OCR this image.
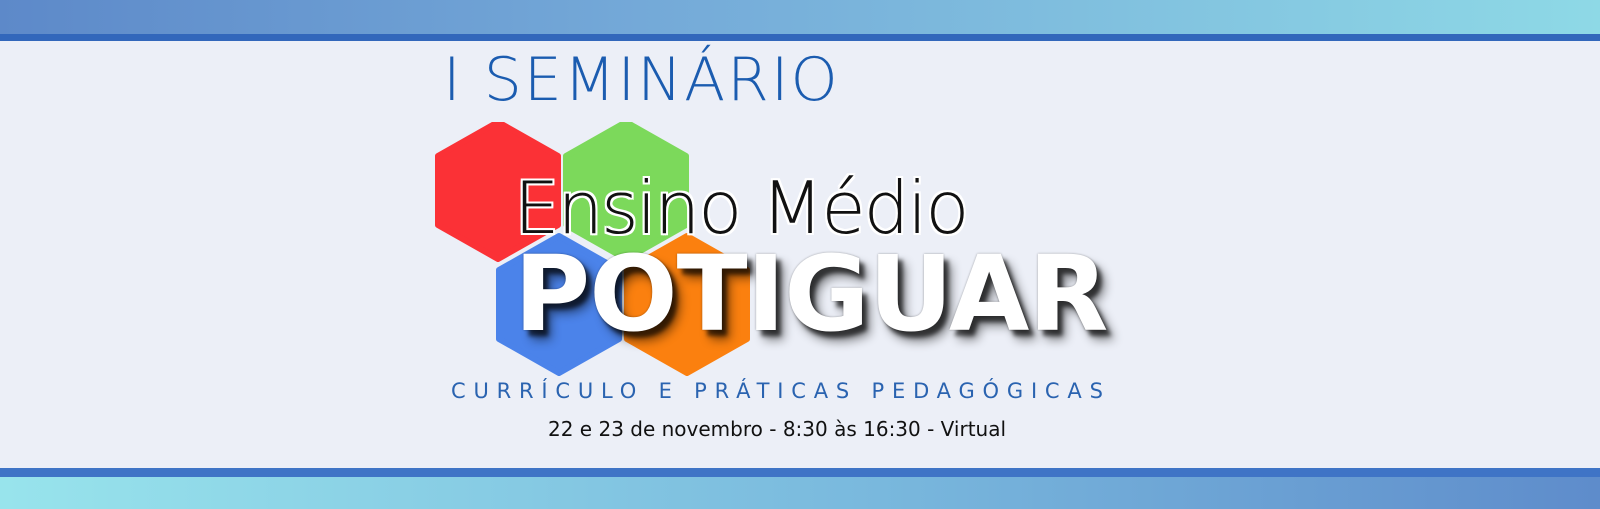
I SEMINÁRIO
Ensino Médio
POTIGUAR
CURRÍCULO E PRÁTICAS PEDAGÓGICAS
22 e 23 de novembro - 8:30 às 16:30 - Virtual
